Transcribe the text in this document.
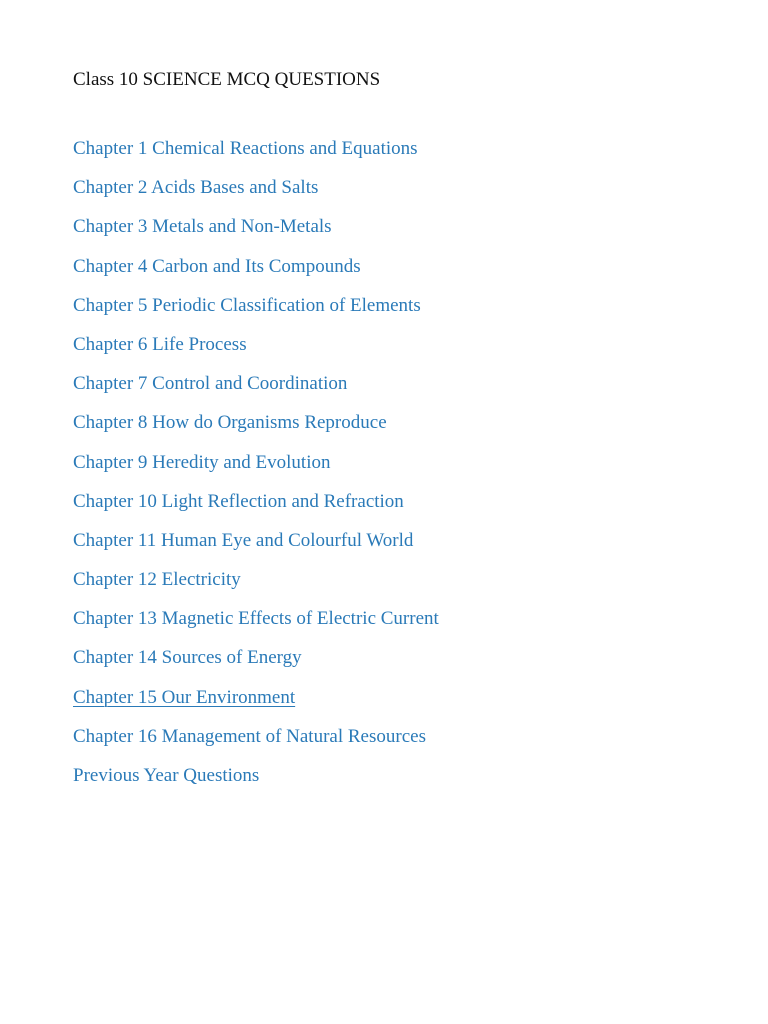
Class 10 SCIENCE MCQ QUESTIONS
Chapter 1 Chemical Reactions and Equations
Chapter 2 Acids Bases and Salts
Chapter 3 Metals and Non-Metals
Chapter 4 Carbon and Its Compounds
Chapter 5 Periodic Classification of Elements
Chapter 6 Life Process
Chapter 7 Control and Coordination
Chapter 8 How do Organisms Reproduce
Chapter 9 Heredity and Evolution
Chapter 10 Light Reflection and Refraction
Chapter 11 Human Eye and Colourful World
Chapter 12 Electricity
Chapter 13 Magnetic Effects of Electric Current
Chapter 14 Sources of Energy
Chapter 15 Our Environment
Chapter 16 Management of Natural Resources
Previous Year Questions
